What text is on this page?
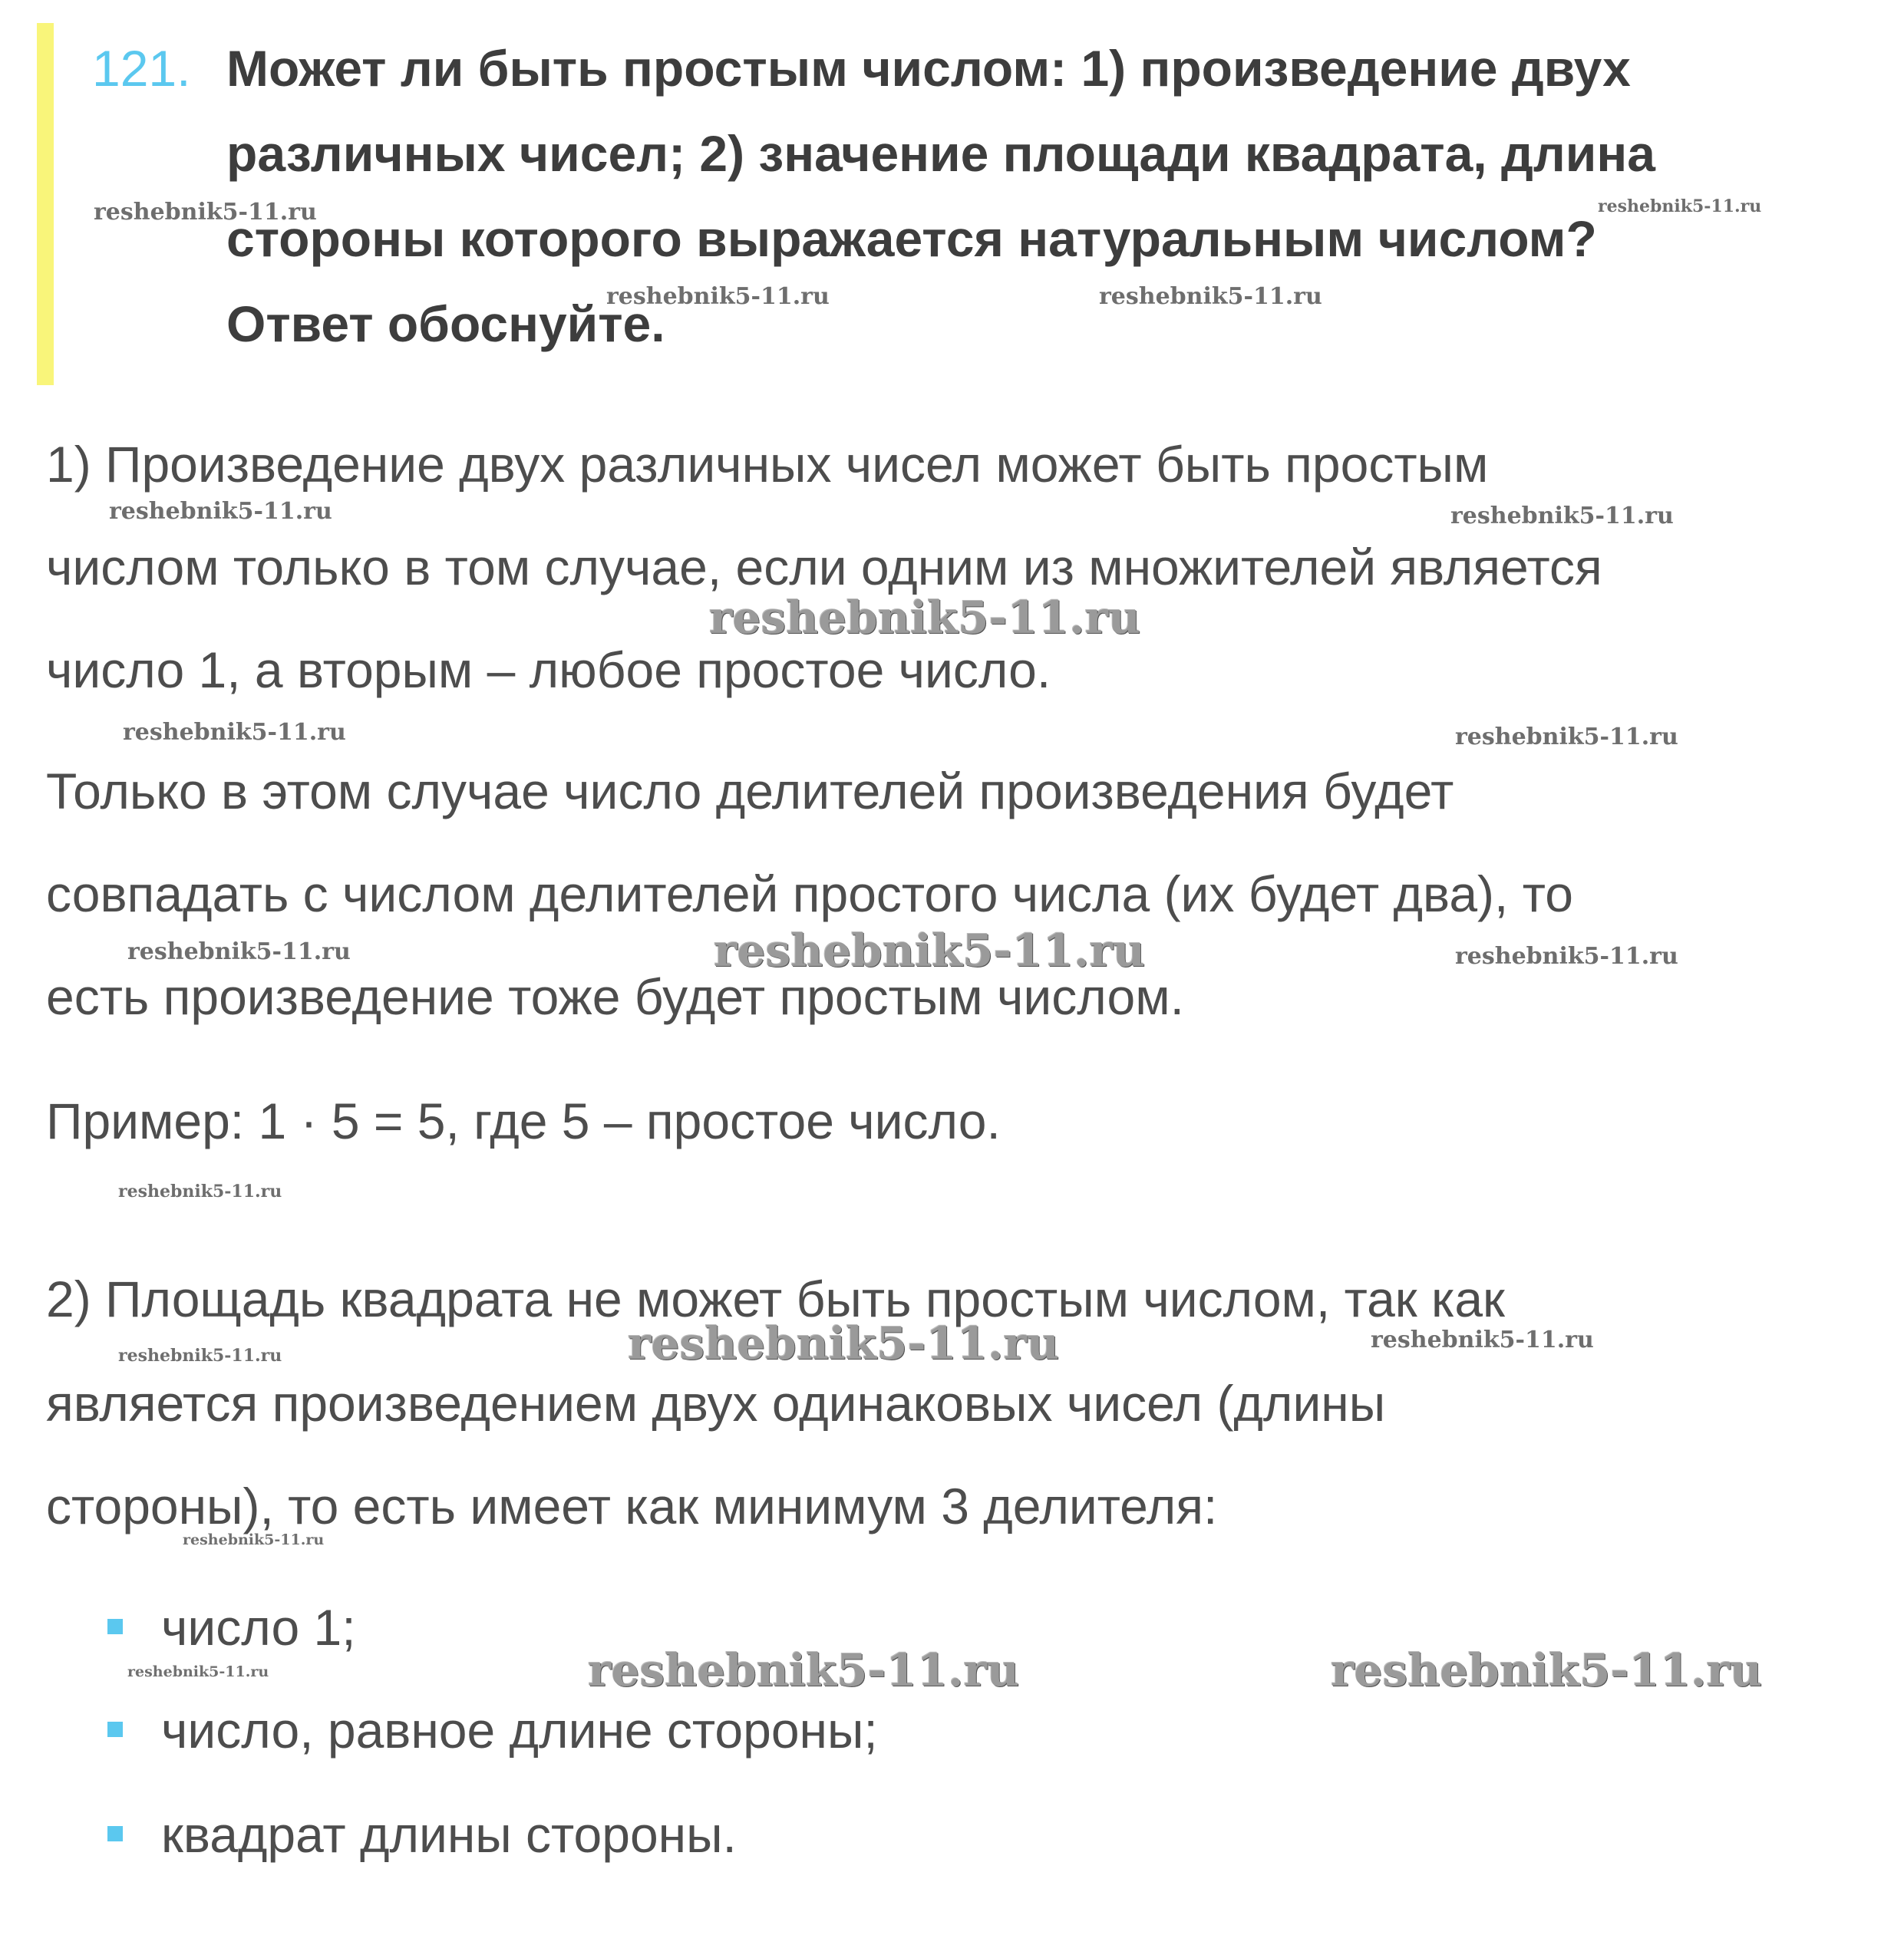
121. Может ли быть простым числом: 1) произведение двух
различных чисел; 2) значение площади квадрата, длина
стороны которого выражается натуральным числом?
Ответ обоснуйте.
1) Произведение двух различных чисел может быть простым
числом только в том случае, если одним из множителей является
число 1, а вторым – любое простое число.
Только в этом случае число делителей произведения будет
совпадать с числом делителей простого числа (их будет два), то
есть произведение тоже будет простым числом.
Пример: 1 · 5 = 5, где 5 – простое число.
2) Площадь квадрата не может быть простым числом, так как
является произведением двух одинаковых чисел (длины
стороны), то есть имеет как минимум 3 делителя:
число 1;
число, равное длине стороны;
квадрат длины стороны.
reshebnik5-11.ru	reshebnik5-11.ru
reshebnik5-11.ru	reshebnik5-11.ru
reshebnik5-11.ru	reshebnik5-11.ru
reshebnik5-11.ru
reshebnik5-11.ru	reshebnik5-11.ru
reshebnik5-11.ru	reshebnik5-11.ru	reshebnik5-11.ru
reshebnik5-11.ru
reshebnik5-11.ru	reshebnik5-11.ru	reshebnik5-11.ru
reshebnik5-11.ru
reshebnik5-11.ru	reshebnik5-11.ru	reshebnik5-11.ru
